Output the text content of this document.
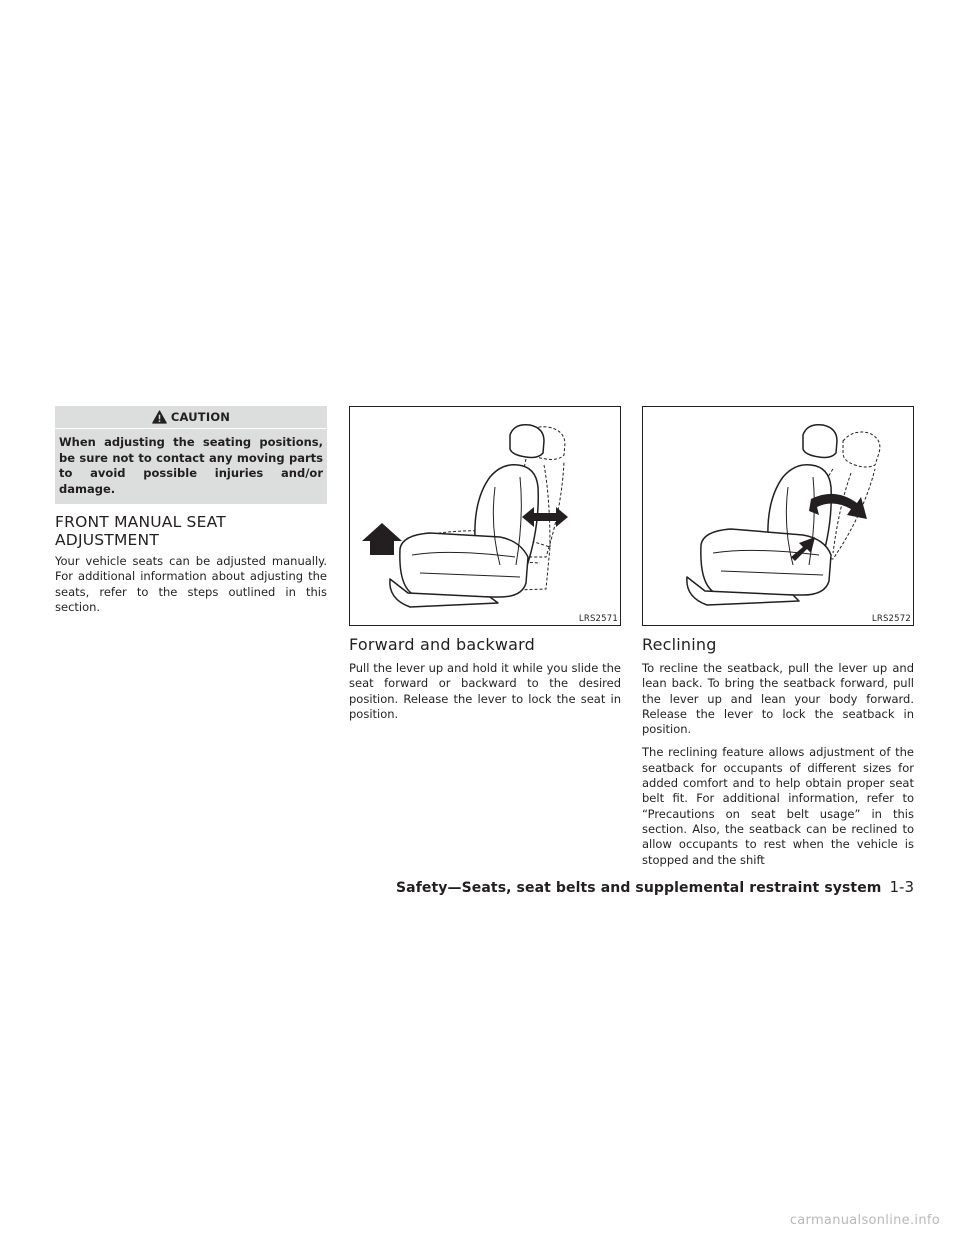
CAUTION
When adjusting the seating positions, be sure not to contact any moving parts to avoid possible injuries and/or damage.
FRONT MANUAL SEAT
ADJUSTMENT

Your vehicle seats can be adjusted manually. For additional information about adjusting the seats, refer to the steps outlined in this section.

LRS2571
Forward and backward

Pull the lever up and hold it while you slide the seat forward or backward to the desired position. Release the lever to lock the seat in position.

LRS2572
Reclining

To recline the seatback, pull the lever up and lean back. To bring the seatback forward, pull the lever up and lean your body forward. Release the lever to lock the seatback in position.

The reclining feature allows adjustment of the seatback for occupants of different sizes for added comfort and to help obtain proper seat belt fit. For additional information, refer to “Precautions on seat belt usage” in this section. Also, the seatback can be reclined to allow occupants to rest when the vehicle is stopped and the shift

Safety—Seats, seat belts and supplemental restraint system 1-3
carmanualsonline.info
